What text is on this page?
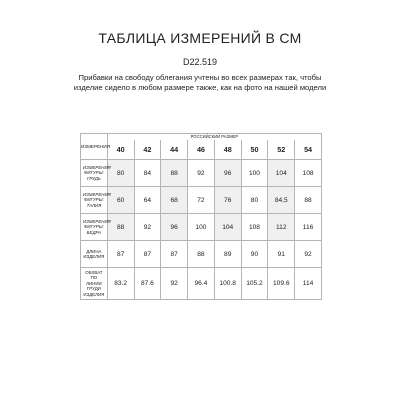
ТАБЛИЦА ИЗМЕРЕНИЙ В СМ
D22.519
Прибавки на свободу облегания учтены во всех размерах так, чтобы изделие сидело в любом размере также, как на фото на нашей модели
ИЗМЕРЕНИЯ	РОССИЙСКИЙ РАЗМЕР							
	40	42	44	46	48	50	52	54
ИЗМЕРЕНИЯ ФИГУРЫ: ГРУДЬ	80	84	88	92	96	100	104	108
ИЗМЕРЕНИЯ ФИГУРЫ: ТАЛИЯ	60	64	68	72	76	80	84,5	88
ИЗМЕРЕНИЯ ФИГУРЫ: БЕДРА	88	92	96	100	104	108	112	116
ДЛИНА ИЗДЕЛИЯ	87	87	87	88	89	90	91	92
ОБХВАТ ПО ЛИНИИ ГРУДИ ИЗДЕЛИЯ	83.2	87.6	92	96.4	100.8	105.2	109.6	114
